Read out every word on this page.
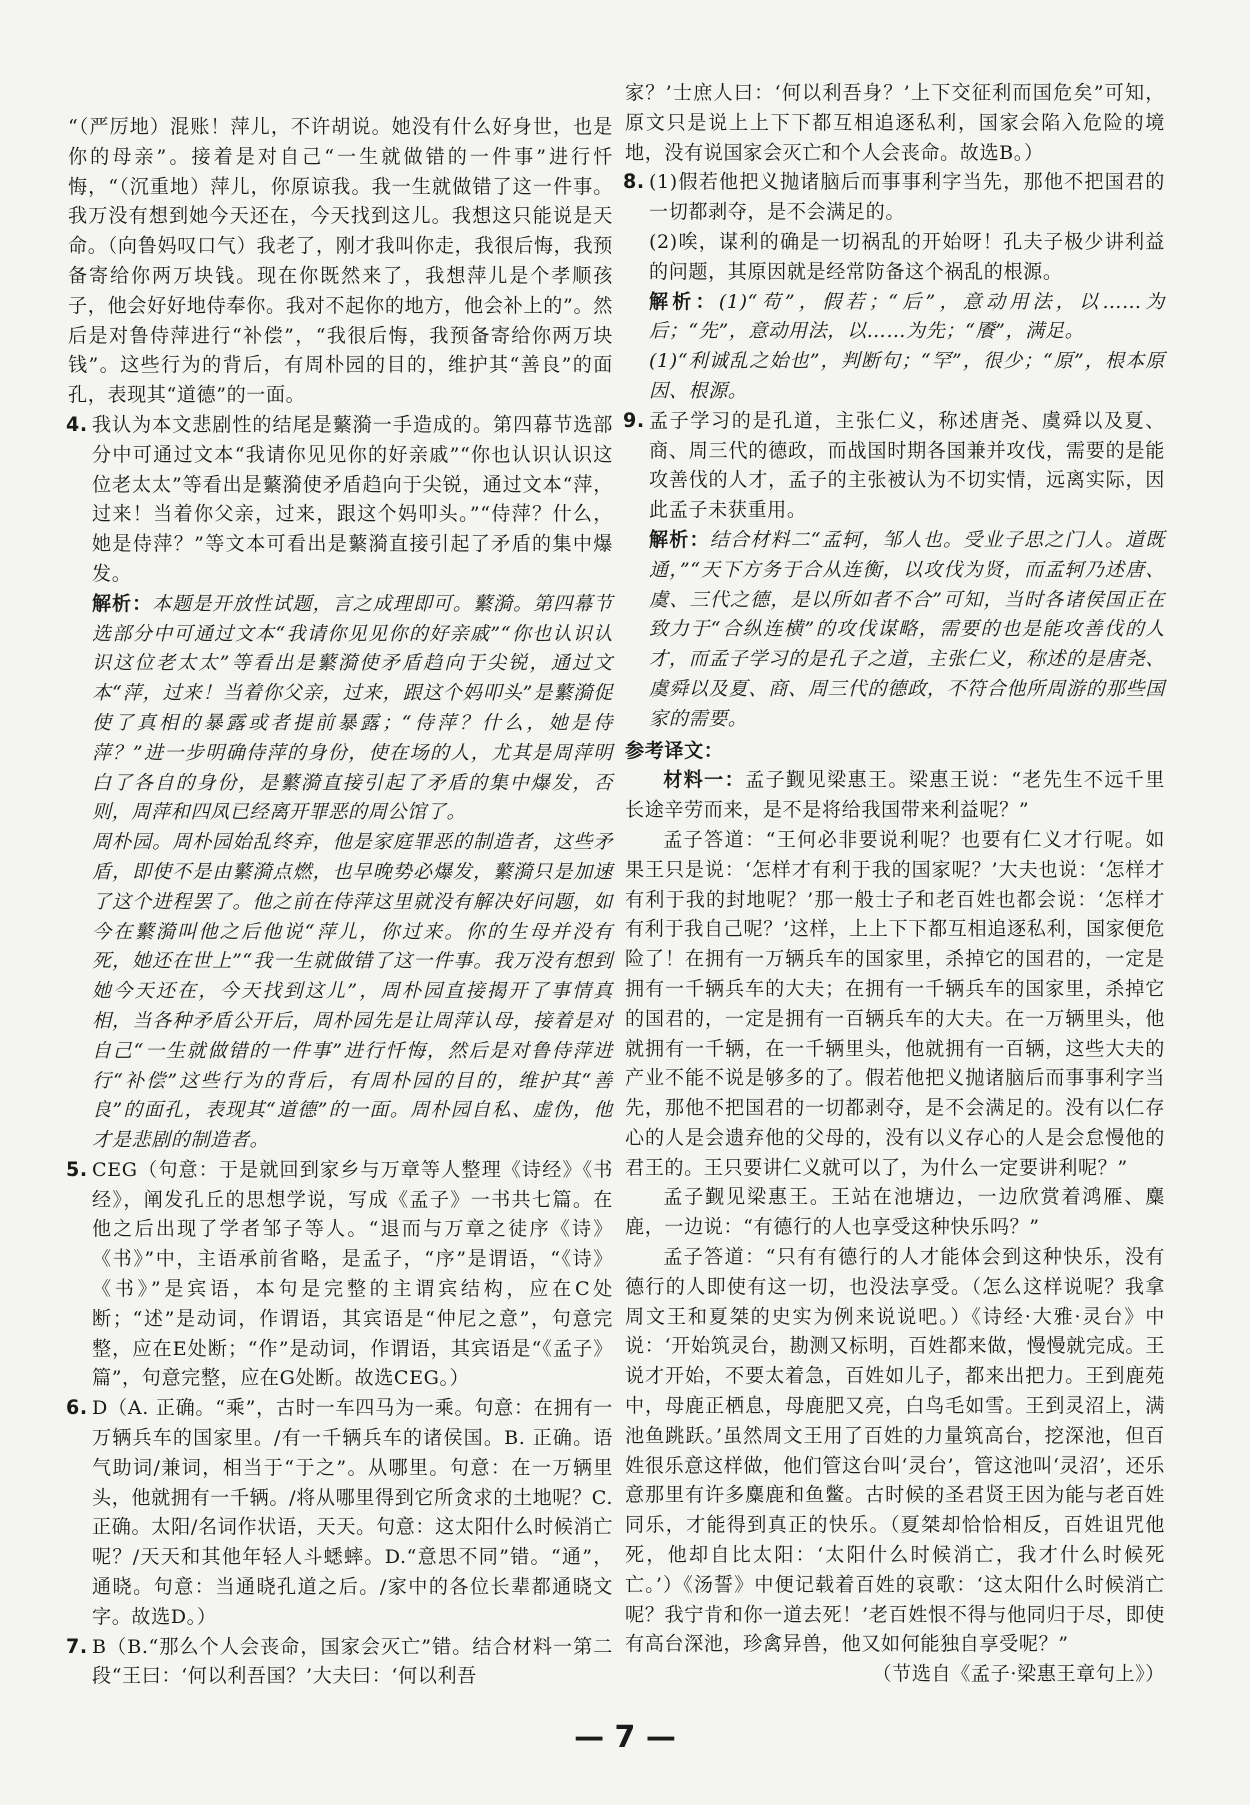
“（严厉地）混账！萍儿，不许胡说。她没有什么好身世，也是你的母亲”。接着是对自己“一生就做错的一件事”进行忏悔，“（沉重地）萍儿，你原谅我。我一生就做错了这一件事。我万没有想到她今天还在，今天找到这儿。我想这只能说是天命。（向鲁妈叹口气）我老了，刚才我叫你走，我很后悔，我预备寄给你两万块钱。现在你既然来了，我想萍儿是个孝顺孩子，他会好好地侍奉你。我对不起你的地方，他会补上的”。然后是对鲁侍萍进行“补偿”，“我很后悔，我预备寄给你两万块钱”。这些行为的背后，有周朴园的目的，维护其“善良”的面孔，表现其“道德”的一面。

4. 我认为本文悲剧性的结尾是蘩漪一手造成的。第四幕节选部分中可通过文本“我请你见见你的好亲戚”“你也认识认识这位老太太”等看出是蘩漪使矛盾趋向于尖锐，通过文本“萍，过来！当着你父亲，过来，跟这个妈叩头。”“侍萍？什么，她是侍萍？”等文本可看出是蘩漪直接引起了矛盾的集中爆发。

解析：本题是开放性试题，言之成理即可。蘩漪。第四幕节选部分中可通过文本“我请你见见你的好亲戚”“你也认识认识这位老太太”等看出是蘩漪使矛盾趋向于尖锐，通过文本“萍，过来！当着你父亲，过来，跟这个妈叩头”是蘩漪促使了真相的暴露或者提前暴露；“侍萍？什么，她是侍萍？”进一步明确侍萍的身份，使在场的人，尤其是周萍明白了各自的身份，是蘩漪直接引起了矛盾的集中爆发，否则，周萍和四凤已经离开罪恶的周公馆了。

周朴园。周朴园始乱终弃，他是家庭罪恶的制造者，这些矛盾，即使不是由蘩漪点燃，也早晚势必爆发，蘩漪只是加速了这个进程罢了。他之前在侍萍这里就没有解决好问题，如今在蘩漪叫他之后他说“萍儿，你过来。你的生母并没有死，她还在世上”“我一生就做错了这一件事。我万没有想到她今天还在，今天找到这儿”，周朴园直接揭开了事情真相，当各种矛盾公开后，周朴园先是让周萍认母，接着是对自己“一生就做错的一件事”进行忏悔，然后是对鲁侍萍进行“补偿”这些行为的背后，有周朴园的目的，维护其“善良”的面孔，表现其“道德”的一面。周朴园自私、虚伪，他才是悲剧的制造者。

5. CEG（句意：于是就回到家乡与万章等人整理《诗经》《书经》，阐发孔丘的思想学说，写成《孟子》一书共七篇。在他之后出现了学者邹子等人。“退而与万章之徒序《诗》《书》”中，主语承前省略，是孟子，“序”是谓语，“《诗》《书》”是宾语，本句是完整的主谓宾结构，应在C处断；“述”是动词，作谓语，其宾语是“仲尼之意”，句意完整，应在E处断；“作”是动词，作谓语，其宾语是“《孟子》篇”，句意完整，应在G处断。故选CEG。）

6. D（A. 正确。“乘”，古时一车四马为一乘。句意：在拥有一万辆兵车的国家里。/有一千辆兵车的诸侯国。B. 正确。语气助词/兼词，相当于“于之”。从哪里。句意：在一万辆里头，他就拥有一千辆。/将从哪里得到它所贪求的土地呢？C. 正确。太阳/名词作状语，天天。句意：这太阳什么时候消亡呢？/天天和其他年轻人斗蟋蟀。D.“意思不同”错。“通”，通晓。句意：当通晓孔道之后。/家中的各位长辈都通晓文字。故选D。）

7. B（B.“那么个人会丧命，国家会灭亡”错。结合材料一第二段“王曰：‘何以利吾国？’大夫曰：‘何以利吾

家？’士庶人曰：‘何以利吾身？’上下交征利而国危矣”可知，原文只是说上上下下都互相追逐私利，国家会陷入危险的境地，没有说国家会灭亡和个人会丧命。故选B。）

8. (1)假若他把义抛诸脑后而事事利字当先，那他不把国君的一切都剥夺，是不会满足的。

(2)唉，谋利的确是一切祸乱的开始呀！孔夫子极少讲利益的问题，其原因就是经常防备这个祸乱的根源。

解析：(1)“苟”，假若；“后”，意动用法，以……为后；“先”，意动用法，以……为先；“餍”，满足。

(1)“利诚乱之始也”，判断句；“罕”，很少；“原”，根本原因、根源。

9. 孟子学习的是孔道，主张仁义，称述唐尧、虞舜以及夏、商、周三代的德政，而战国时期各国兼并攻伐，需要的是能攻善伐的人才，孟子的主张被认为不切实情，远离实际，因此孟子未获重用。

解析：结合材料二“孟轲，邹人也。受业子思之门人。道既通，”“天下方务于合从连衡，以攻伐为贤，而孟轲乃述唐、虞、三代之德，是以所如者不合”可知，当时各诸侯国正在致力于“合纵连横”的攻伐谋略，需要的也是能攻善伐的人才，而孟子学习的是孔子之道，主张仁义，称述的是唐尧、虞舜以及夏、商、周三代的德政，不符合他所周游的那些国家的需要。

参考译文：

材料一：孟子觐见梁惠王。梁惠王说：“老先生不远千里长途辛劳而来，是不是将给我国带来利益呢？”

孟子答道：“王何必非要说利呢？也要有仁义才行呢。如果王只是说：‘怎样才有利于我的国家呢？’大夫也说：‘怎样才有利于我的封地呢？’那一般士子和老百姓也都会说：‘怎样才有利于我自己呢？’这样，上上下下都互相追逐私利，国家便危险了！在拥有一万辆兵车的国家里，杀掉它的国君的，一定是拥有一千辆兵车的大夫；在拥有一千辆兵车的国家里，杀掉它的国君的，一定是拥有一百辆兵车的大夫。在一万辆里头，他就拥有一千辆，在一千辆里头，他就拥有一百辆，这些大夫的产业不能不说是够多的了。假若他把义抛诸脑后而事事利字当先，那他不把国君的一切都剥夺，是不会满足的。没有以仁存心的人是会遗弃他的父母的，没有以义存心的人是会怠慢他的君王的。王只要讲仁义就可以了，为什么一定要讲利呢？”

孟子觐见梁惠王。王站在池塘边，一边欣赏着鸿雁、麋鹿，一边说：“有德行的人也享受这种快乐吗？”

孟子答道：“只有有德行的人才能体会到这种快乐，没有德行的人即使有这一切，也没法享受。（怎么这样说呢？我拿周文王和夏桀的史实为例来说说吧。）《诗经·大雅·灵台》中说：‘开始筑灵台，勘测又标明，百姓都来做，慢慢就完成。王说才开始，不要太着急，百姓如儿子，都来出把力。王到鹿苑中，母鹿正栖息，母鹿肥又亮，白鸟毛如雪。王到灵沼上，满池鱼跳跃。’虽然周文王用了百姓的力量筑高台，挖深池，但百姓很乐意这样做，他们管这台叫‘灵台’，管这池叫‘灵沼’，还乐意那里有许多麋鹿和鱼鳖。古时候的圣君贤王因为能与老百姓同乐，才能得到真正的快乐。（夏桀却恰恰相反，百姓诅咒他死，他却自比太阳：‘太阳什么时候消亡，我才什么时候死亡。’）《汤誓》中便记载着百姓的哀歌：‘这太阳什么时候消亡呢？我宁肯和你一道去死！’老百姓恨不得与他同归于尽，即使有高台深池，珍禽异兽，他又如何能独自享受呢？”

（节选自《孟子·梁惠王章句上》）

— 7 —
